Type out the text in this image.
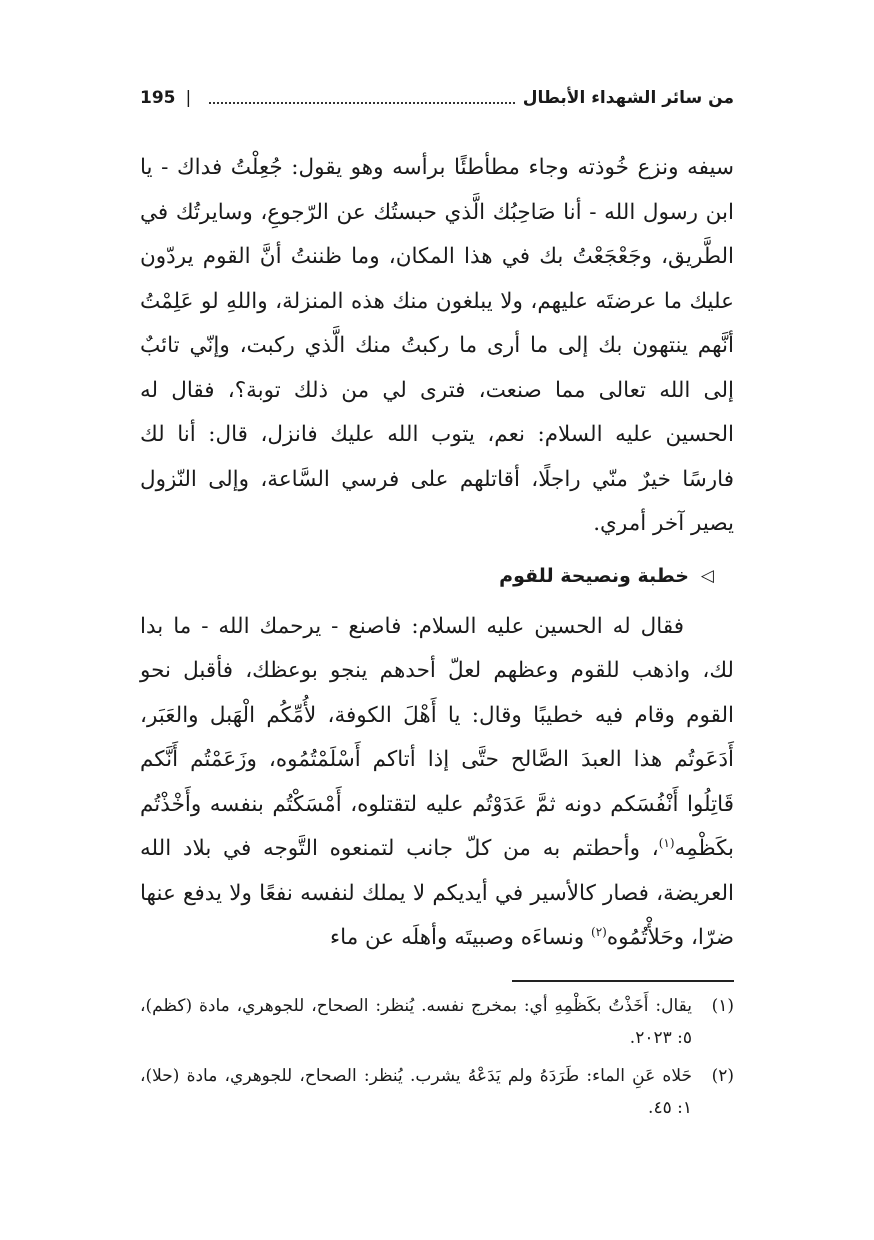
من سائر الشهداء الأبطال
|
195

سيفه ونزع خُوذته وجاء مطأطئًا برأسه وهو يقول: جُعِلْتُ فداك - يا ابن رسول الله - أنا صَاحِبُك الَّذي حبستُك عن الرّجوعِ، وسايرتُك في الطَّريق، وجَعْجَعْتُ بك في هذا المكان، وما ظننتُ أنَّ القوم يردّون عليك ما عرضتَه عليهم، ولا يبلغون منك هذه المنزلة، واللهِ لو عَلِمْتُ أنَّهم ينتهون بك إلى ما أرى ما ركبتُ منك الَّذي ركبت، وإنّي تائبٌ إلى الله تعالى مما صنعت، فترى لي من ذلك توبة؟، فقال له الحسين عليه السلام: نعم، يتوب الله عليك فانزل، قال: أنا لك فارسًا خيرٌ منّي راجلًا، أقاتلهم على فرسي السَّاعة، وإلى النّزول يصير آخر أمري.

◁
خطبة ونصيحة للقوم

فقال له الحسين عليه السلام: فاصنع - يرحمك الله - ما بدا لك، واذهب للقوم وعظهم لعلّ أحدهم ينجو بوعظك، فأقبل نحو القوم وقام فيه خطيبًا وقال: يا أَهْلَ الكوفة، لأُمِّكُم الْهَبل والعَبَر، أَدَعَوتُم هذا العبدَ الصَّالح حتَّى إذا أتاكم أَسْلَمْتُمُوه، وزَعَمْتُم أَنَّكم قَاتِلُوا أَنْفُسَكم دونه ثمَّ عَدَوْتُم عليه لتقتلوه، أَمْسَكْتُم بنفسه وأَخْذْتُم بكَظْمِه$^{(١)}$، وأحطتم به من كلّ جانب لتمنعوه التَّوجه في بلاد الله العريضة، فصار كالأسير في أيديكم لا يملك لنفسه نفعًا ولا يدفع عنها ضرّا، وحَلأْتُمُوه$^{(٢)}$ ونساءَه وصبيتَه وأهلَه عن ماء

(١)يقال: أَخَذْتُ بكَظْمِهِ أي: بمخرج نفسه. يُنظر: الصحاح، للجوهري، مادة (كظم)، ٥: ٢٠٢٣.

(٢)حَلاه عَنِ الماء: طَرَدَهُ ولم يَدَعْهُ يشرب. يُنظر: الصحاح، للجوهري، مادة (حلا)، ١: ٤٥.
